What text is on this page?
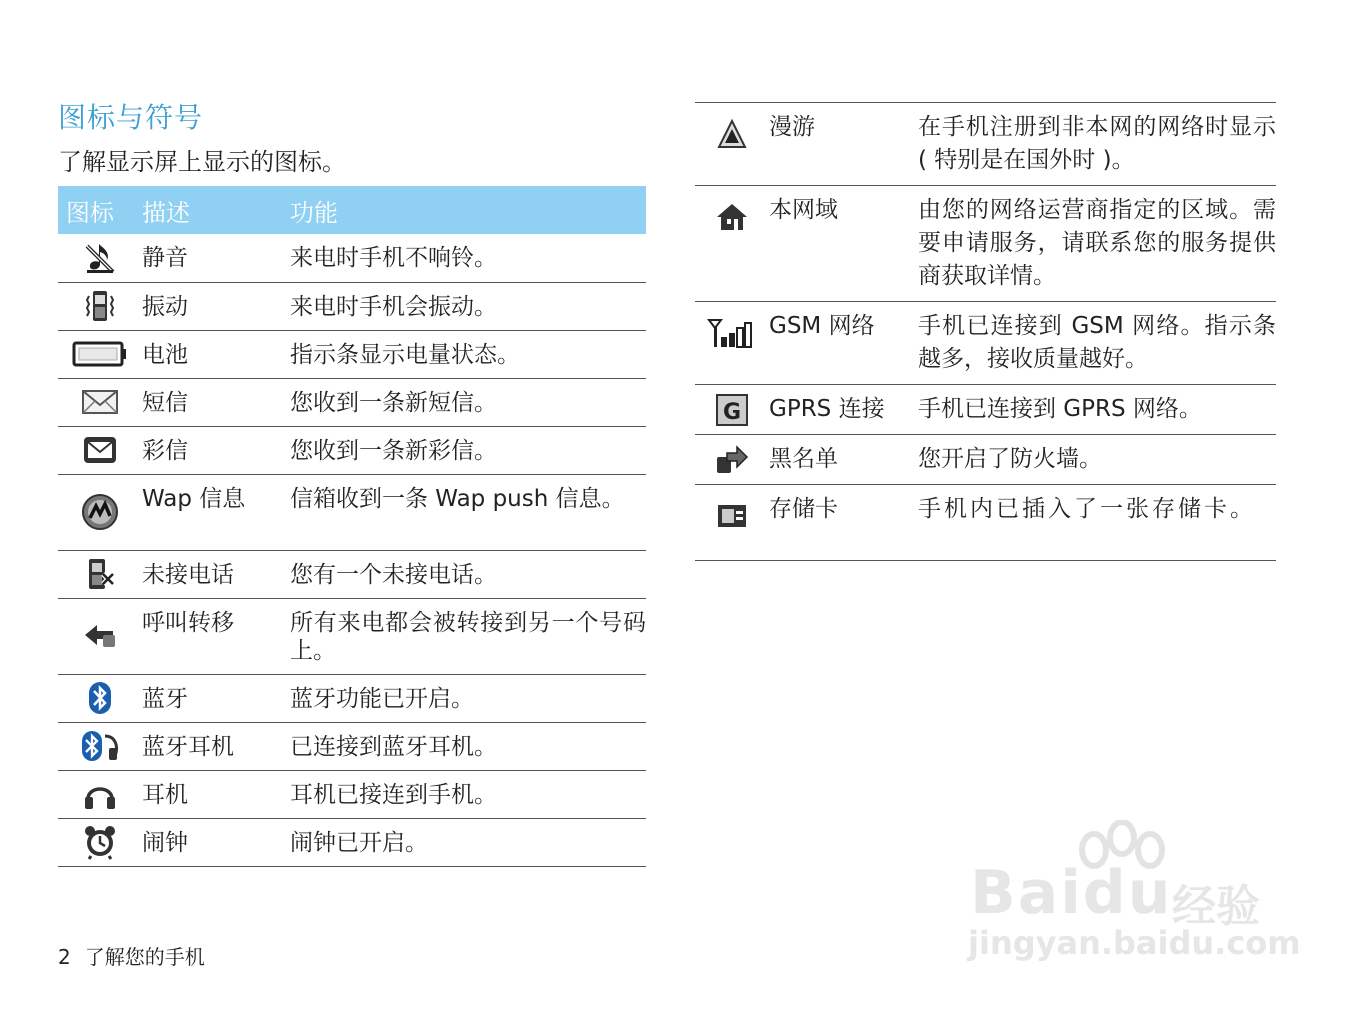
图标与符号
了解显示屏上显示的图标。
图标	描述	功能
	静音	来电时手机不响铃。
	振动	来电时手机会振动。
	电池	指示条显示电量状态。
	短信	您收到一条新短信。
	彩信	您收到一条新彩信。
	Wap 信息	信箱收到一条 Wap push 信息。
	未接电话	您有一个未接电话。
	呼叫转移	所有来电都会被转接到另一个号码上。
	蓝牙	蓝牙功能已开启。
	蓝牙耳机	已连接到蓝牙耳机。
	耳机	耳机已接连到手机。
	闹钟	闹钟已开启。
	漫游	在手机注册到非本网的网络时显示 ( 特别是在国外时 )。
	本网域	由您的网络运营商指定的区域。需要申请服务，请联系您的服务提供商获取详情。
	GSM 网络	手机已连接到 GSM 网络。指示条越多，接收质量越好。

G	GPRS 连接	手机已连接到 GPRS 网络。
	黑名单	您开启了防火墙。
	存储卡	手机内已插入了一张存储卡。
2 了解您的手机
Baidu 经验
jingyan.baidu.com
